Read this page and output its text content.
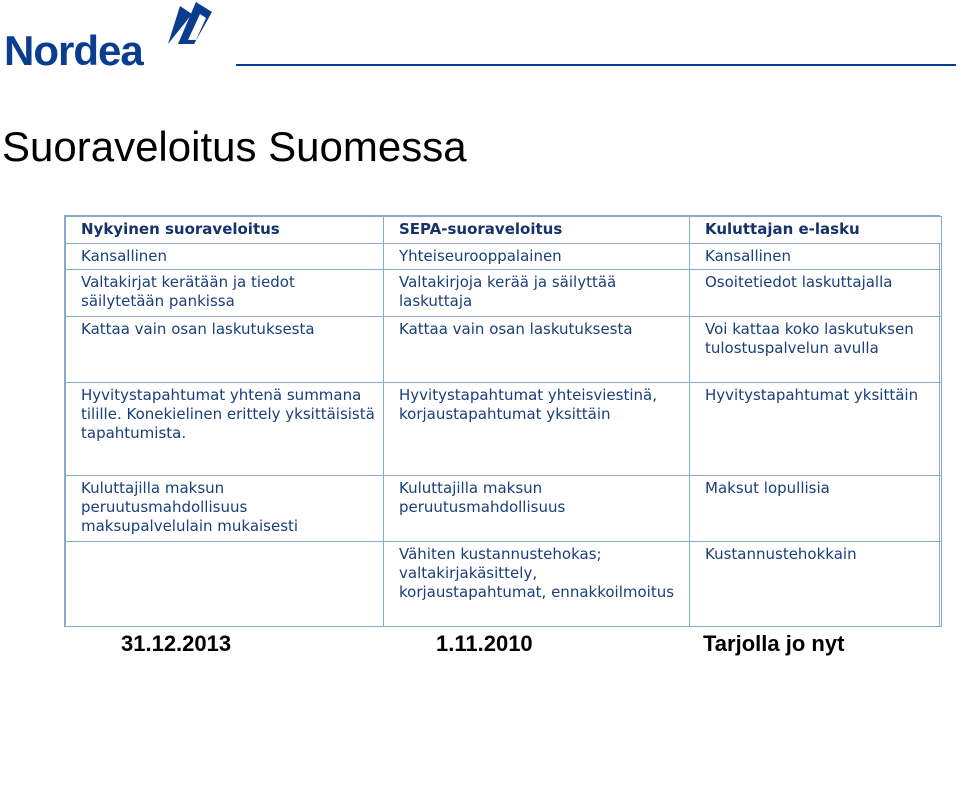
Nordea
Suoraveloitus Suomessa
Nykyinen suoraveloitus	SEPA-suoraveloitus	Kuluttajan e-lasku
Kansallinen	Yhteiseurooppalainen	Kansallinen
Valtakirjat kerätään ja tiedot säilytetään pankissa	Valtakirjoja kerää ja säilyttää laskuttaja	Osoitetiedot laskuttajalla
Kattaa vain osan laskutuksesta	Kattaa vain osan laskutuksesta	Voi kattaa koko laskutuksen tulostuspalvelun avulla
Hyvitystapahtumat yhtenä summana tilille. Konekielinen erittely yksittäisistä tapahtumista.	Hyvitystapahtumat yhteisviestinä, korjaustapahtumat yksittäin	Hyvitystapahtumat yksittäin
Kuluttajilla maksun peruutusmahdollisuus maksupalvelulain mukaisesti	Kuluttajilla maksun peruutusmahdollisuus	Maksut lopullisia
	Vähiten kustannustehokas; valtakirjakäsittely, korjaustapahtumat, ennakkoilmoitus	Kustannustehokkain
31.12.2013	1.11.2010	Tarjolla jo nyt
